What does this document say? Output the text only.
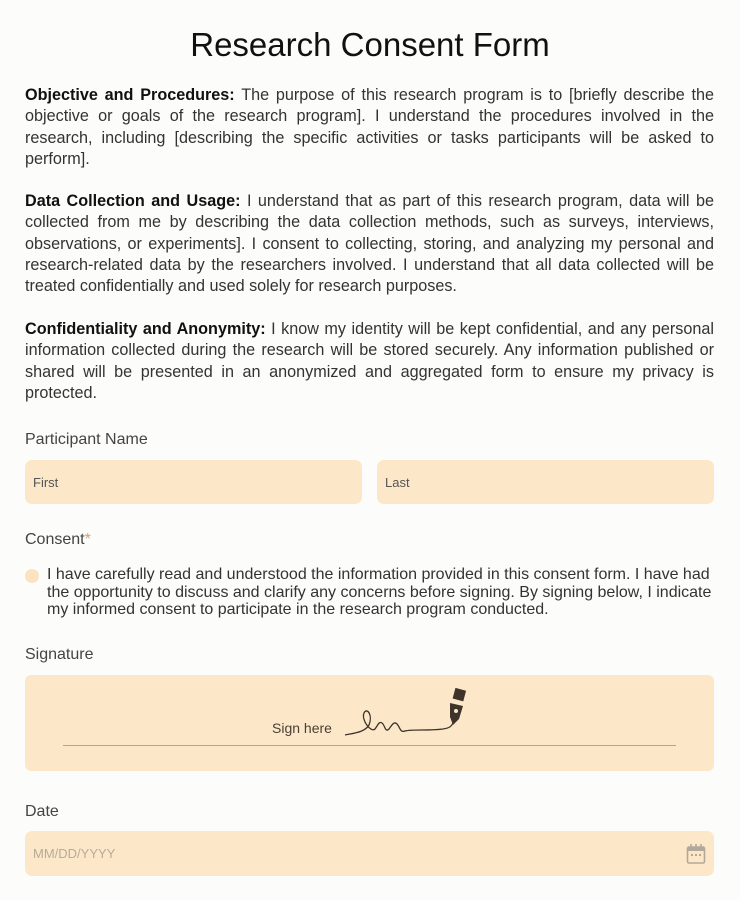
Research Consent Form

Objective and Procedures: The purpose of this research program is to [briefly describe the objective or goals of the research program]. I understand the procedures involved in the research, including [describing the specific activities or tasks participants will be asked to perform].

Data Collection and Usage: I understand that as part of this research program, data will be collected from me by describing the data collection methods, such as surveys, interviews, observations, or experiments]. I consent to collecting, storing, and analyzing my personal and research-related data by the researchers involved. I understand that all data collected will be treated confidentially and used solely for research purposes.

Confidentiality and Anonymity: I know my identity will be kept confidential, and any personal information collected during the research will be stored securely. Any information published or shared will be presented in an anonymized and aggregated form to ensure my privacy is protected.

Participant Name
First	Last
Consent*
I have carefully read and understood the information provided in this consent form. I have had the opportunity to discuss and clarify any concerns before signing. By signing below, I indicate my informed consent to participate in the research program conducted.
Signature
Sign here
Date
MM/DD/YYYY
